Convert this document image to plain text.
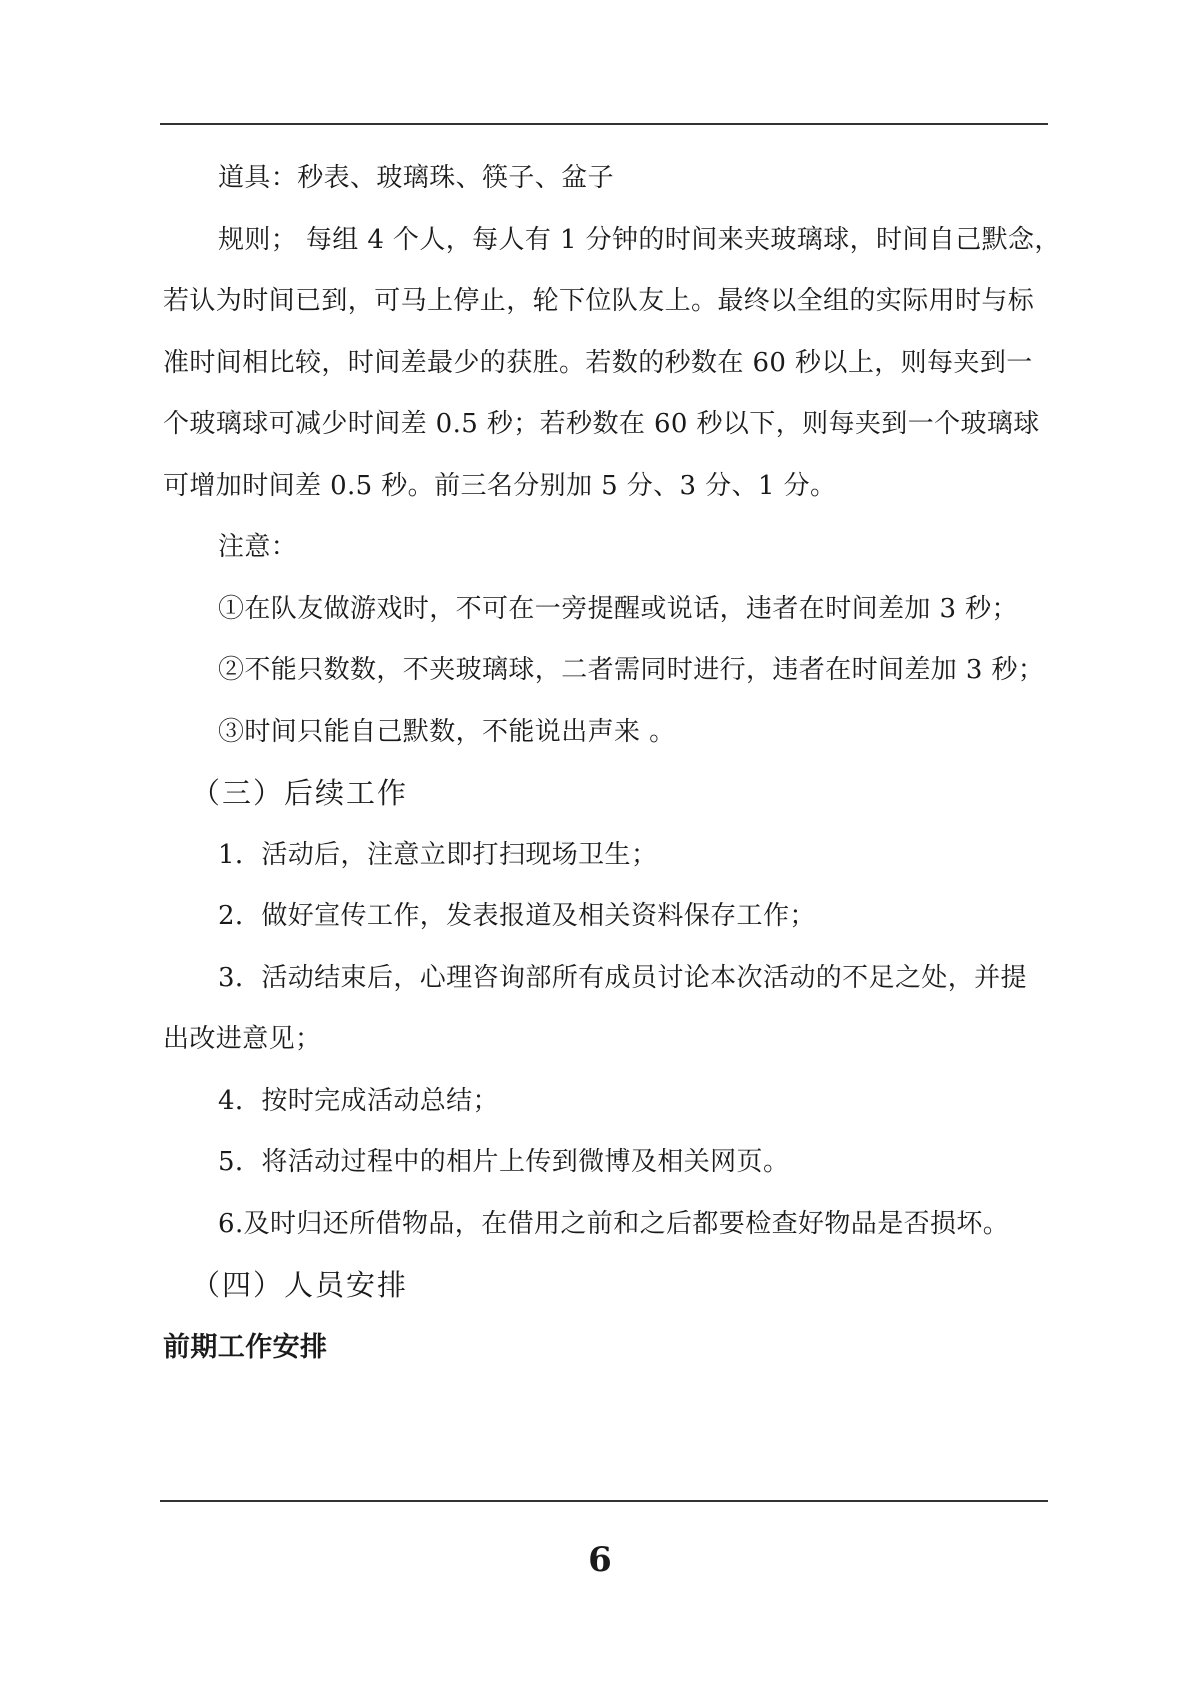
道具：秒表、玻璃珠、筷子、盆子

规则； 每组 4 个人，每人有 1 分钟的时间来夹玻璃球，时间自己默念，

若认为时间已到，可马上停止，轮下位队友上。最终以全组的实际用时与标

准时间相比较，时间差最少的获胜。若数的秒数在 60 秒以上，则每夹到一

个玻璃球可减少时间差 0.5 秒；若秒数在 60 秒以下，则每夹到一个玻璃球

可增加时间差 0.5 秒。前三名分别加 5 分、3 分、1 分。

注意：

①在队友做游戏时，不可在一旁提醒或说话，违者在时间差加 3 秒；

②不能只数数，不夹玻璃球，二者需同时进行，违者在时间差加 3 秒；

③时间只能自己默数，不能说出声来 。

（三）后续工作

1．活动后，注意立即打扫现场卫生；

2．做好宣传工作，发表报道及相关资料保存工作；

3．活动结束后，心理咨询部所有成员讨论本次活动的不足之处，并提

出改进意见；

4．按时完成活动总结；

5．将活动过程中的相片上传到微博及相关网页。

6.及时归还所借物品，在借用之前和之后都要检查好物品是否损坏。

（四）人员安排

前期工作安排

6
